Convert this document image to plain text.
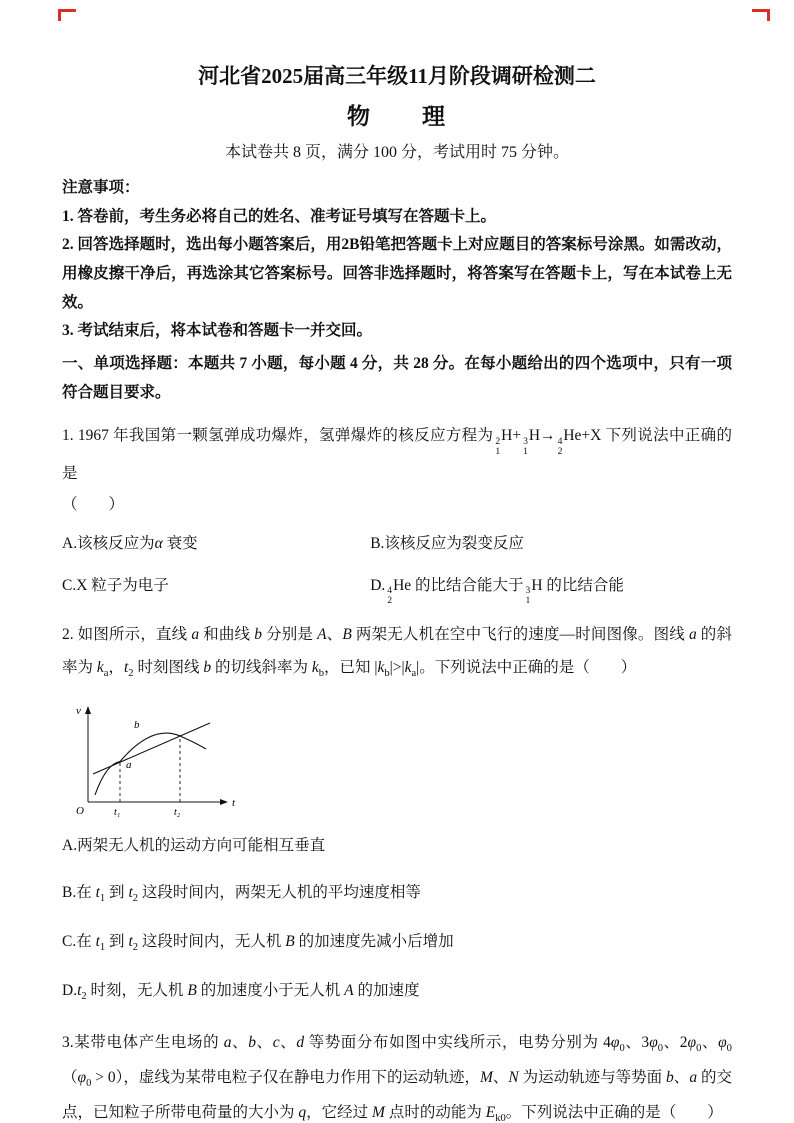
河北省2025届高三年级11月阶段调研检测二

物　　理

本试卷共 8 页，满分 100 分，考试用时 75 分钟。

注意事项：

1. 答卷前，考生务必将自己的姓名、准考证号填写在答题卡上。

2. 回答选择题时，选出每小题答案后，用2B铅笔把答题卡上对应题目的答案标号涂黑。如需改动，用橡皮擦干净后，再选涂其它答案标号。回答非选择题时，将答案写在答题卡上，写在本试卷上无效。

3. 考试结束后，将本试卷和答题卡一并交回。

一、单项选择题：本题共 7 小题，每小题 4 分，共 28 分。在每小题给出的四个选项中，只有一项符合题目要求。

1. 1967 年我国第一颗氢弹成功爆炸，氢弹爆炸的核反应方程为 2
1
H+ 3
1
H→ 4
2
He+X 下列说法中正确的是

（　　）

A.该核反应为α 衰变	B.该核反应为裂变反应

C.X 粒子为电子	D. 4
2
He 的比结合能大于 3
1
H 的比结合能

2. 如图所示，直线 a 和曲线 b 分别是 A、B 两架无人机在空中飞行的速度—时间图像。图线 a 的斜率为 $k_a$，$t_2$ 时刻图线 b 的切线斜率为 $k_b$，已知 $|k_b|>|k_a|$。下列说法中正确的是（　　）

v
t
O	t₁	t₂
b
a

A.两架无人机的运动方向可能相互垂直

B.在 $t_1$ 到 $t_2$ 这段时间内，两架无人机的平均速度相等

C.在 $t_1$ 到 $t_2$ 这段时间内，无人机 B 的加速度先减小后增加

$D.t_2$ 时刻，无人机 B 的加速度小于无人机 A 的加速度

3.某带电体产生电场的 a、b、c、d 等势面分布如图中实线所示，电势分别为 $4\varphi_0$、$3\varphi_0$、$2\varphi_0$、$\varphi_0(\varphi_0 > 0)$，虚线为某带电粒子仅在静电力作用下的运动轨迹，M、N 为运动轨迹与等势面 b、a 的交点，已知粒子所带电荷量的大小为 q，它经过 M 点时的动能为 $E_{k0}$。下列说法中正确的是（　　）
